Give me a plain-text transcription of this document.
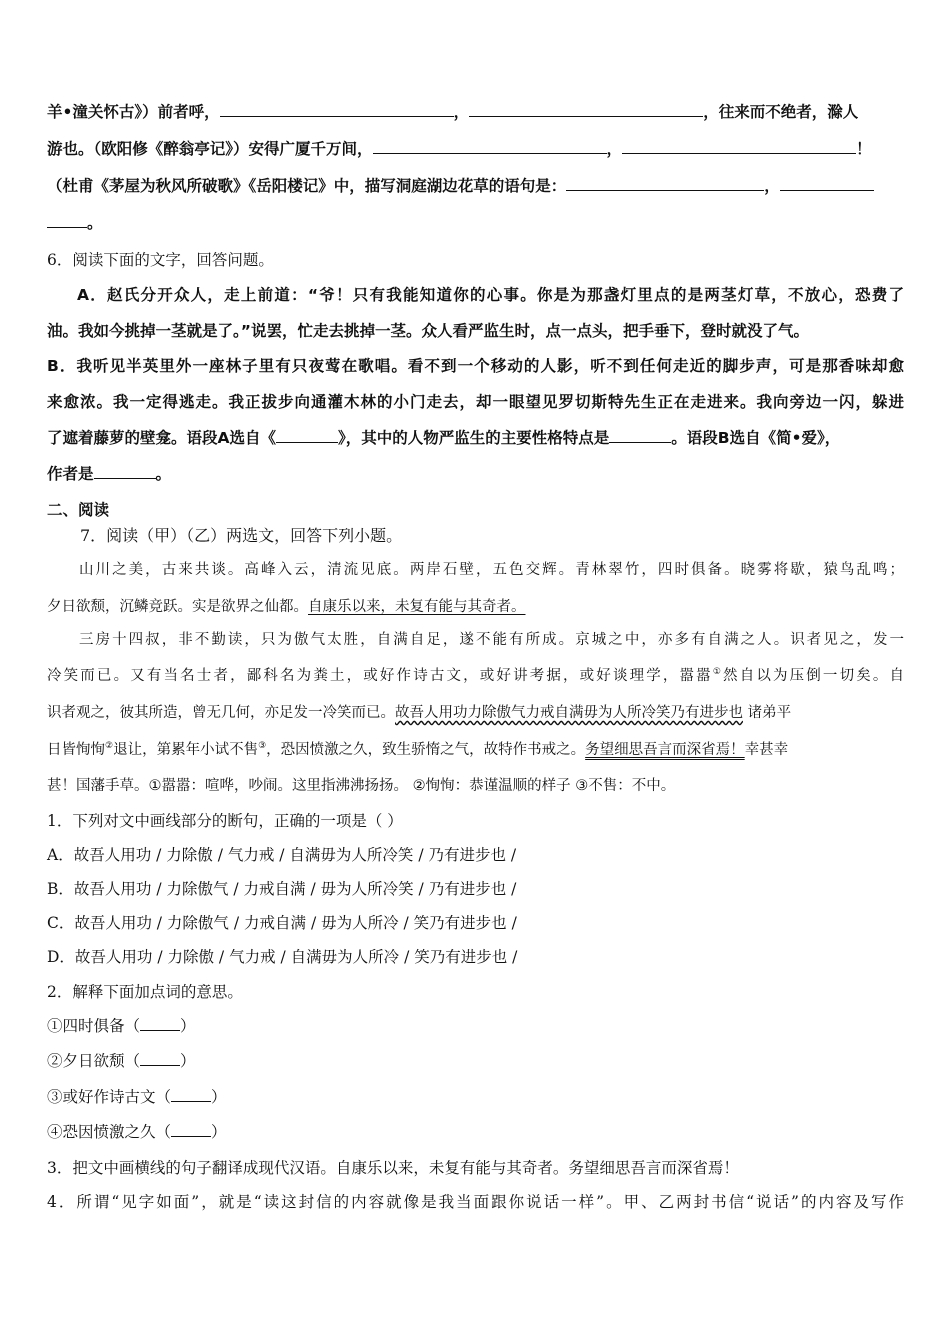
羊•潼关怀古》）前者呼，	，	，往来而不绝者，滁人
游也。（欧阳修《醉翁亭记》）安得广厦千万间，	，	！
（杜甫《茅屋为秋风所破歌》《岳阳楼记》中，描写洞庭湖边花草的语句是：	，
。
6．阅读下面的文字，回答问题。
A．赵氏分开众人，走上前道：“爷！只有我能知道你的心事。你是为那盏灯里点的是两茎灯草，不放心，恐费了
油。我如今挑掉一茎就是了。”说罢，忙走去挑掉一茎。众人看严监生时，点一点头，把手垂下，登时就没了气。
B．我听见半英里外一座林子里有只夜莺在歌唱。看不到一个移动的人影，听不到任何走近的脚步声，可是那香味却愈
来愈浓。我一定得逃走。我正拔步向通灌木林的小门走去，却一眼望见罗切斯特先生正在走进来。我向旁边一闪，躲进
了遮着藤萝的壁龛。语段A选自《	》，其中的人物严监生的主要性格特点是	。语段B选自《简•爱》，
作者是	。
二、阅读
7．阅读（甲）（乙）两选文，回答下列小题。
山川之美，古来共谈。高峰入云，清流见底。两岸石壁，五色交辉。青林翠竹，四时俱备。晓雾将歇，猿鸟乱鸣；
夕日欲颓，沉鳞竞跃。实是欲界之仙都。自康乐以来，未复有能与其奇者。
三房十四叔，非不勤读，只为傲气太胜，自满自足，遂不能有所成。京城之中，亦多有自满之人。识者见之，发一
冷笑而已。又有当名士者，鄙科名为粪土，或好作诗古文，或好讲考据，或好谈理学，嚣嚣①然自以为压倒一切矣。自
识者观之，彼其所造，曾无几何，亦足发一冷笑而已。故吾人用功力除傲气力戒自满毋为人所冷笑乃有进步也 诸弟平
日皆恂恂②退让，第累年小试不售③，恐因愤激之久，致生骄惰之气，故特作书戒之。务望细思吾言而深省焉！幸甚幸
甚！国藩手草。①嚣嚣：喧哗，吵闹。这里指沸沸扬扬。 ②恂恂：恭谨温顺的样子 ③不售：不中。
1．下列对文中画线部分的断句，正确的一项是（ ）
A．故吾人用功 / 力除傲 / 气力戒 / 自满毋为人所冷笑 / 乃有进步也 /
B．故吾人用功 / 力除傲气 / 力戒自满 / 毋为人所冷笑 / 乃有进步也 /
C．故吾人用功 / 力除傲气 / 力戒自满 / 毋为人所冷 / 笑乃有进步也 /
D．故吾人用功 / 力除傲 / 气力戒 / 自满毋为人所冷 / 笑乃有进步也 /
2．解释下面加点词的意思。
①四时俱备（	）
②夕日欲颓（	）
③或好作诗古文（	）
④恐因愤激之久（	）
3．把文中画横线的句子翻译成现代汉语。自康乐以来，未复有能与其奇者。务望细思吾言而深省焉！
4．所谓“见字如面”，就是“读这封信的内容就像是我当面跟你说话一样”。甲、乙两封书信“说话”的内容及写作
